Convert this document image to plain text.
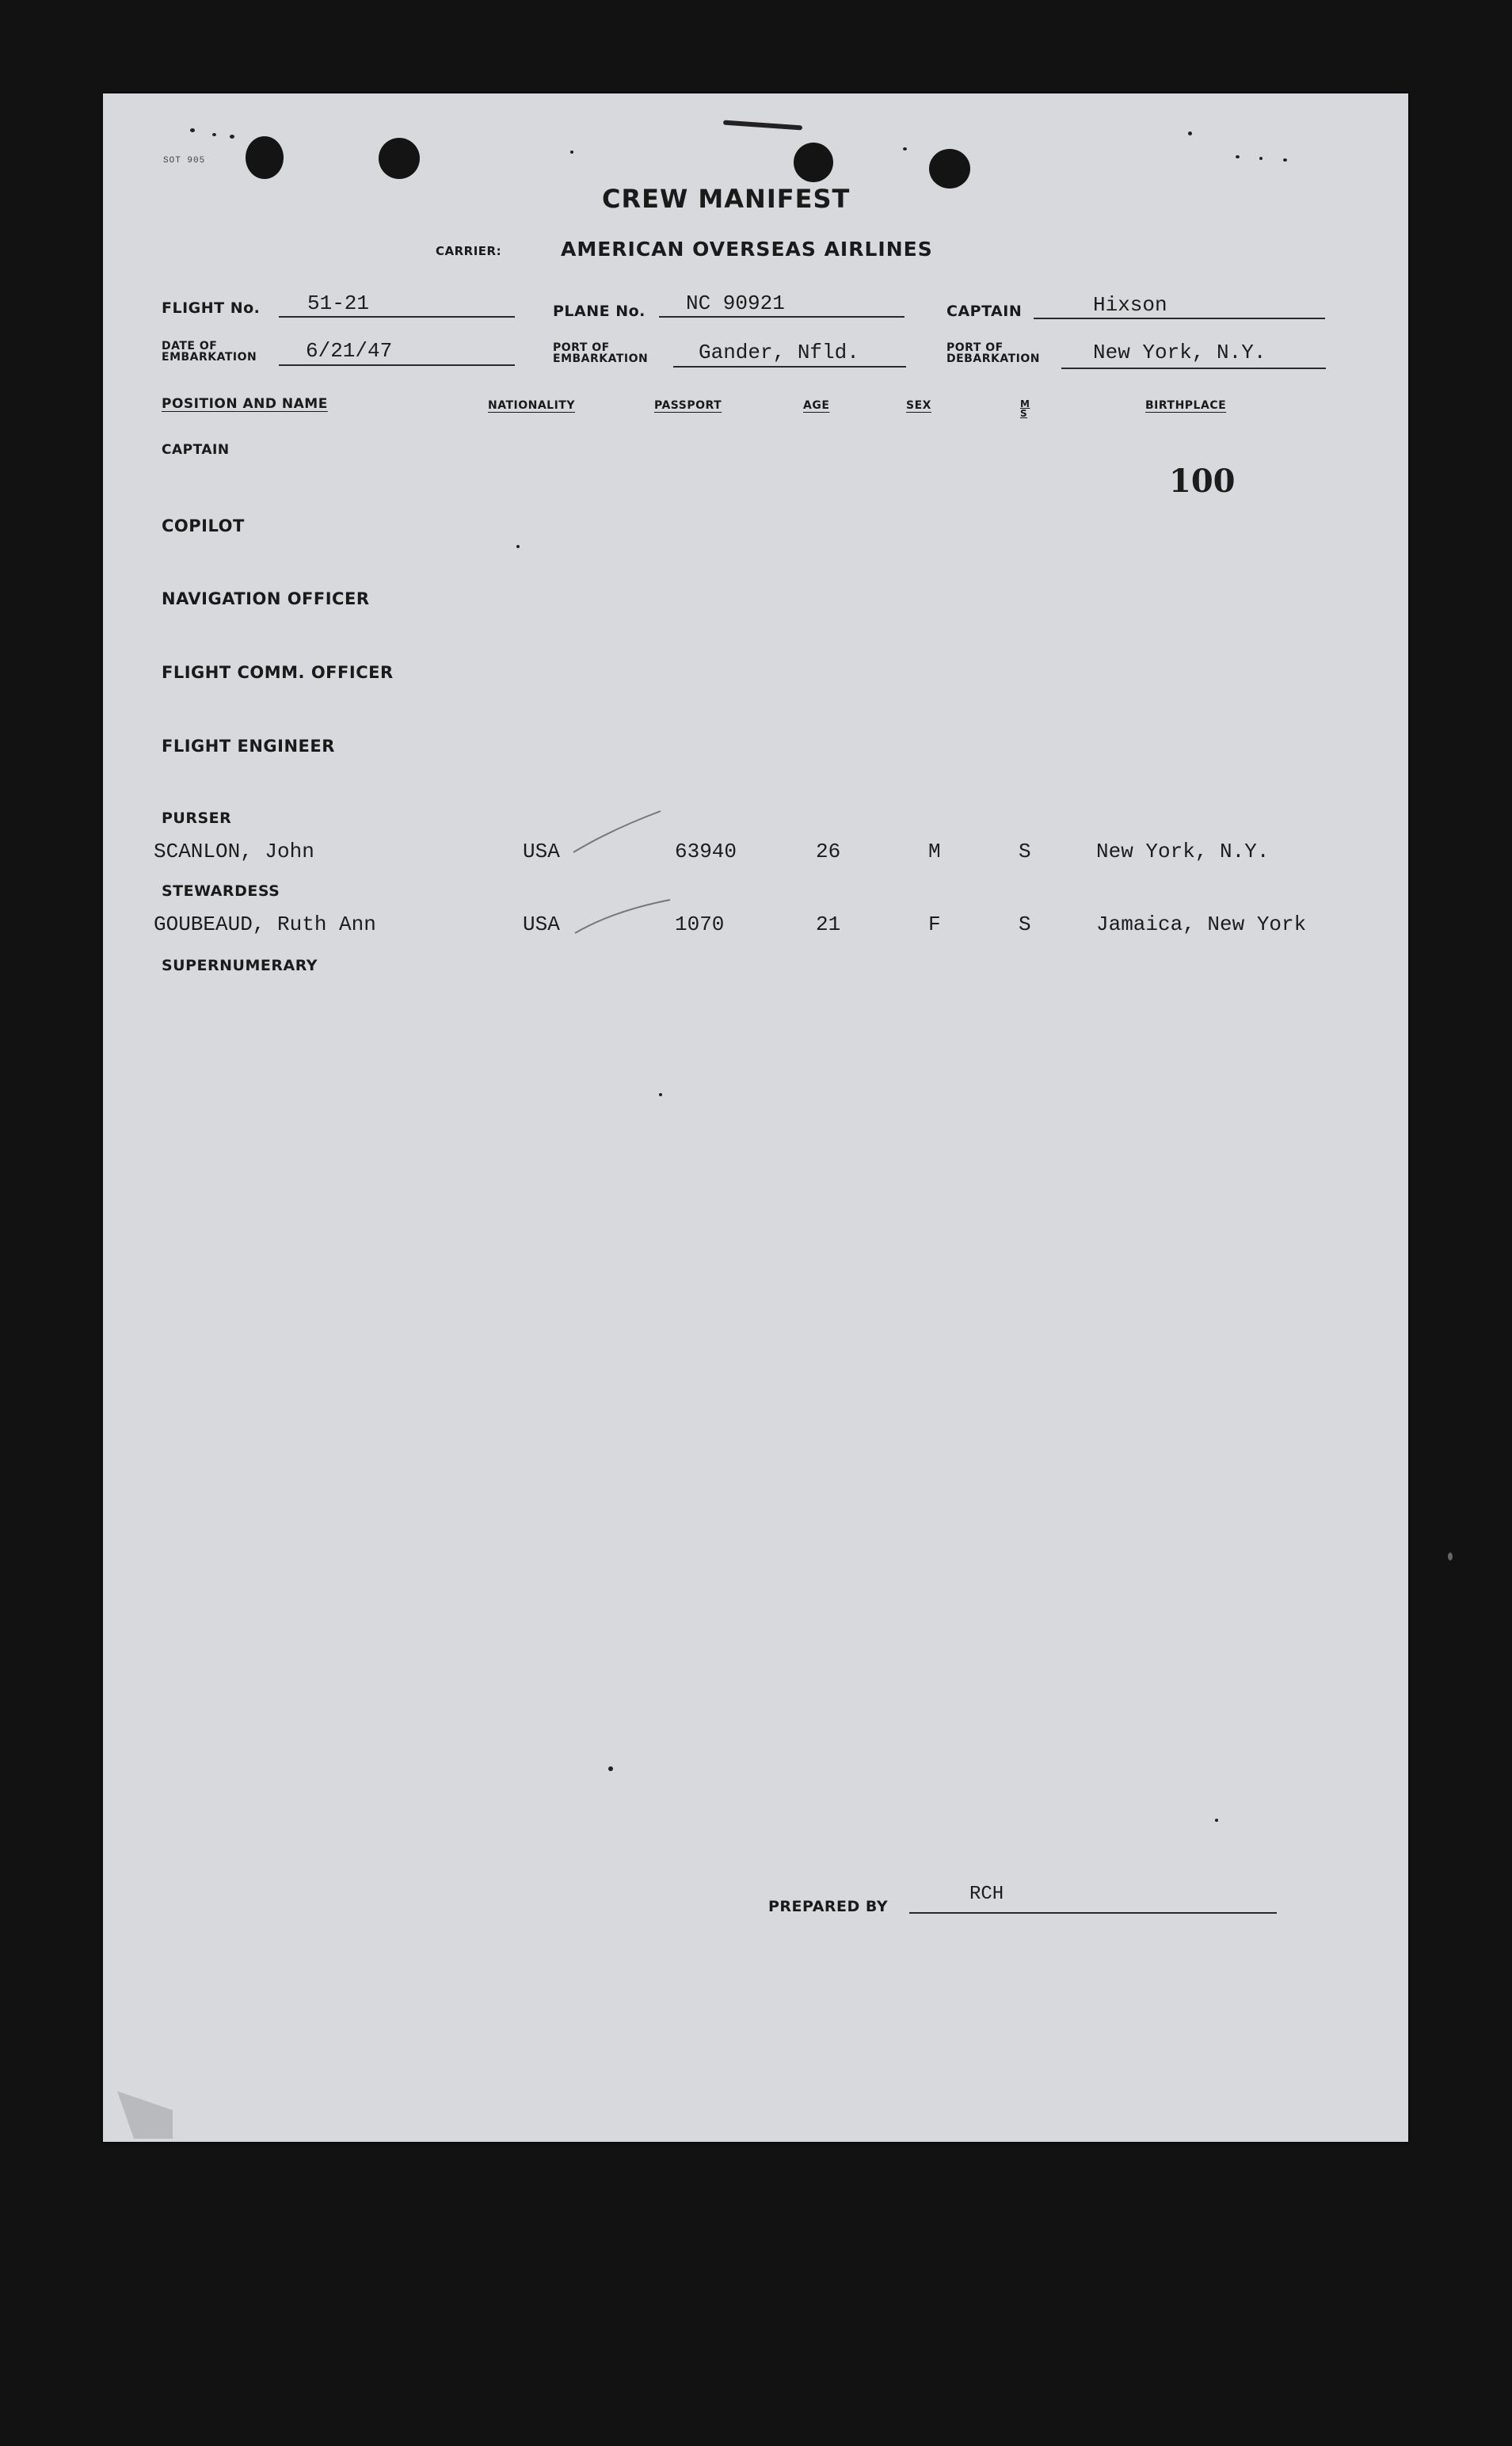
SOT 905
CREW MANIFEST
CARRIER:	AMERICAN OVERSEAS AIRLINES
FLIGHT No. 51-21	PLANE No. NC 90921	CAPTAIN	Hixson
DATE OF
EMBARKATION 6/21/47	PORT OF
EMBARKATION Gander, Nfld.	PORT OF
DEBARKATION	New York, N.Y.
POSITION AND NAME	NATIONALITY	PASSPORT	AGE	SEX	M
S
BIRTHPLACE
100
CAPTAIN
COPILOT
NAVIGATION OFFICER
FLIGHT COMM. OFFICER
FLIGHT ENGINEER
PURSER
SCANLON, John	USA	63940	26	M	S	New York, N.Y.
STEWARDESS
GOUBEAUD, Ruth Ann	USA	1070	21	F	S	Jamaica, New York
SUPERNUMERARY
PREPARED BY
RCH
